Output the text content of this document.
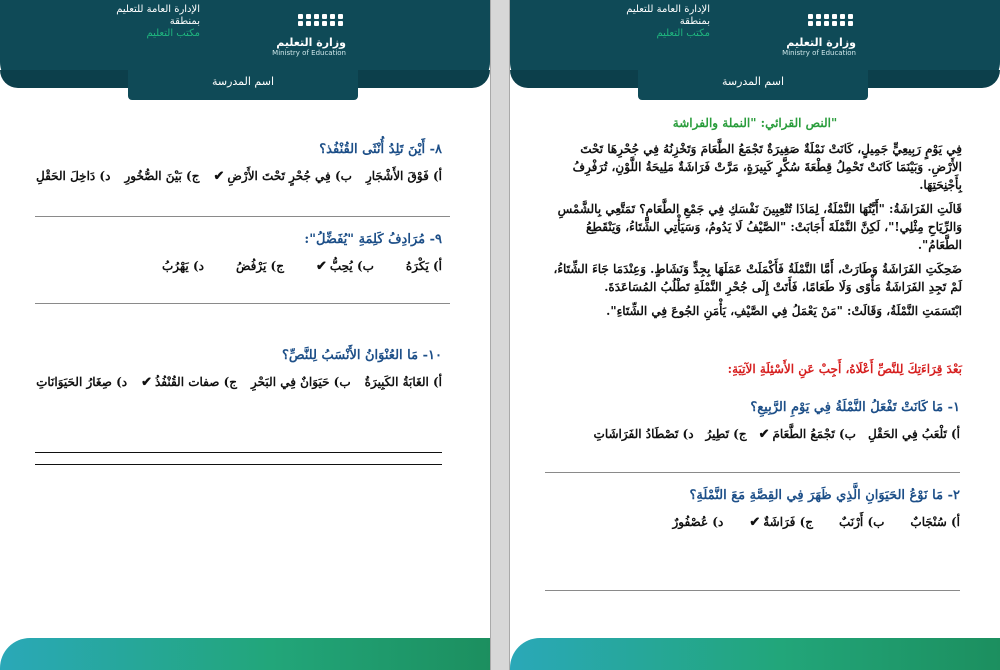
الإدارة العامة للتعليم
بمنطقة
مكتب التعليم
وزارة التعليم
Ministry of Education
اسم المدرسة
٨- أَيْنَ تَلِدُ أُنْثَى القُنْفُذ؟
أ) فَوْقَ الأَشْجَارِ
ب) فِي جُحْرٍ تَحْتَ الأَرْضِ✔
ج) بَيْنَ الصُّخُورِ
د) دَاخِلَ الحَقْلِ
٩- مُرَادِفُ كَلِمَةِ "يُفَضِّلُ":
أ) يَكْرَهُ
ب) يُحِبُّ✔
ج) يَرْفُضُ
د) يَهْرُبُ
١٠- مَا العُنْوَانُ الأَنْسَبُ لِلنَّصِّ؟
أ) الغَابَةُ الكَبِيرَةُ
ب) حَيَوَانٌ فِي البَحْرِ
ج) صفات القُنْفُذُ✔
د) صِغَارُ الحَيَوَانَاتِ
الإدارة العامة للتعليم
بمنطقة
مكتب التعليم
وزارة التعليم
Ministry of Education
اسم المدرسة
النص القرائي: "النملة والفراشة"

فِي يَوْمٍ رَبِيعِيٍّ جَمِيلٍ، كَانَتْ نَمْلَةٌ صَغِيرَةٌ تَجْمَعُ الطَّعَامَ وَتَخْزِنُهُ فِي جُحْرِهَا تَحْتَ الأَرْضِ. وَبَيْنَمَا كَانَتْ تَحْمِلُ قِطْعَةَ سُكَّرٍ كَبِيرَةٍ، مَرَّتْ فَرَاشَةٌ مَلِيحَةُ اللَّوْنِ، تُرَفْرِفُ بِأَجْنِحَتِهَا.

قَالَتِ الفَرَاشَةُ: "أَيَّتُهَا النَّمْلَةُ، لِمَاذَا تُتْعِبِينَ نَفْسَكِ فِي جَمْعِ الطَّعَامِ؟ تَمَتَّعِي بِالشَّمْسِ وَالرِّيَاحِ مِثْلِي!"، لَكِنَّ النَّمْلَةَ أَجَابَتْ: "الصَّيْفُ لَا يَدُومُ، وَسَيَأْتِي الشِّتَاءُ، وَيَنْقَطِعُ الطَّعَامُ".

ضَحِكَتِ الفَرَاشَةُ وَطَارَتْ، أَمَّا النَّمْلَةُ فَأَكْمَلَتْ عَمَلَهَا بِجِدٍّ وَنَشَاطٍ. وَعِنْدَمَا جَاءَ الشِّتَاءُ، لَمْ تَجِدِ الفَرَاشَةُ مَأْوًى وَلَا طَعَامًا، فَأَتَتْ إِلَى جُحْرِ النَّمْلَةِ تَطْلُبُ المُسَاعَدَةَ.

ابْتَسَمَتِ النَّمْلَةُ، وَقَالَتْ: "مَنْ يَعْمَلُ فِي الصَّيْفِ، يَأْمَنِ الجُوعَ فِي الشِّتَاءِ".

بَعْدَ قِرَاءَتِكَ لِلنَّصِّ أَعْلَاهُ، أَجِبْ عَنِ الأَسْئِلَةِ الآتِيَةِ:
١- مَا كَانَتْ تَفْعَلُ النَّمْلَةُ فِي يَوْمِ الرَّبِيعِ؟
أ) تَلْعَبُ فِي الحَقْلِ
ب) تَجْمَعُ الطَّعَامَ✔
ج) تَطِيرُ
د) تَصْطَادُ الفَرَاشَاتِ
٢- مَا نَوْعُ الحَيَوَانِ الَّذِي ظَهَرَ فِي القِصَّةِ مَعَ النَّمْلَةِ؟
أ) سُنْجَابٌ
ب) أَرْنَبٌ
ج) فَرَاشَةٌ✔
د) عُصْفُورٌ
